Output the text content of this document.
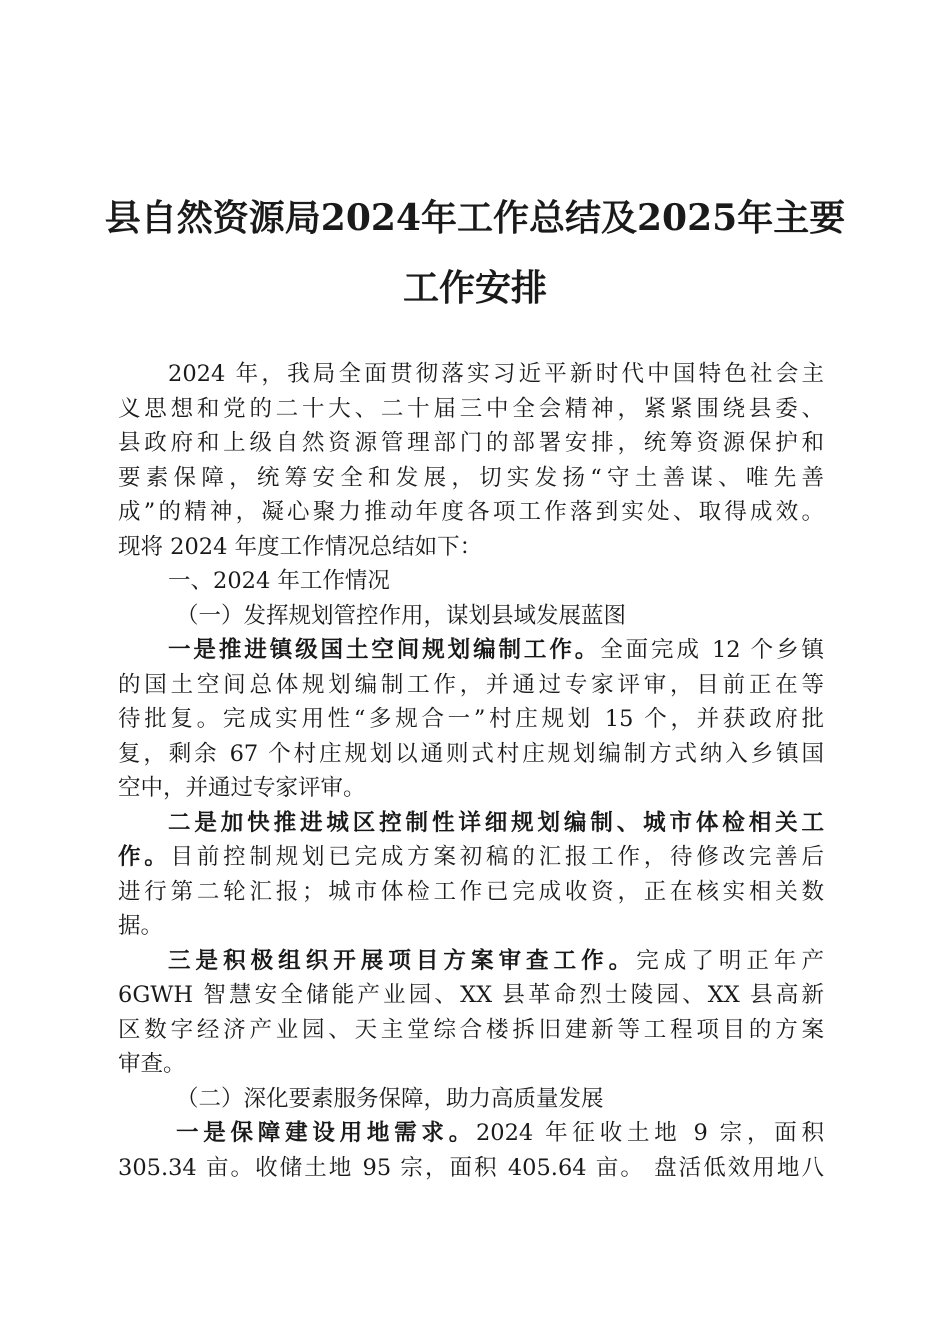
县自然资源局2024年工作总结及2025年主要
工作安排
2024 年，我局全面贯彻落实习近平新时代中国特色社会主
义思想和党的二十大、二十届三中全会精神，紧紧围绕县委、
县政府和上级自然资源管理部门的部署安排，统筹资源保护和
要素保障，统筹安全和发展，切实发扬“守土善谋、唯先善
成”的精神，凝心聚力推动年度各项工作落到实处、取得成效。
现将 2024 年度工作情况总结如下：
一、2024 年工作情况
（一）发挥规划管控作用，谋划县域发展蓝图
一是推进镇级国土空间规划编制工作。全面完成 12 个乡镇
的国土空间总体规划编制工作，并通过专家评审，目前正在等
待批复。完成实用性“多规合一”村庄规划 15 个，并获政府批
复，剩余 67 个村庄规划以通则式村庄规划编制方式纳入乡镇国
空中，并通过专家评审。
二是加快推进城区控制性详细规划编制、城市体检相关工
作。目前控制规划已完成方案初稿的汇报工作，待修改完善后
进行第二轮汇报；城市体检工作已完成收资，正在核实相关数
据。
三是积极组织开展项目方案审查工作。完成了明正年产
6GWH 智慧安全储能产业园、XX 县革命烈士陵园、XX 县高新
区数字经济产业园、天主堂综合楼拆旧建新等工程项目的方案
审查。
（二）深化要素服务保障，助力高质量发展
一是保障建设用地需求。2024 年征收土地 9 宗，面积
305.34 亩。收储土地 95 宗，面积 405.64 亩。 盘活低效用地八
